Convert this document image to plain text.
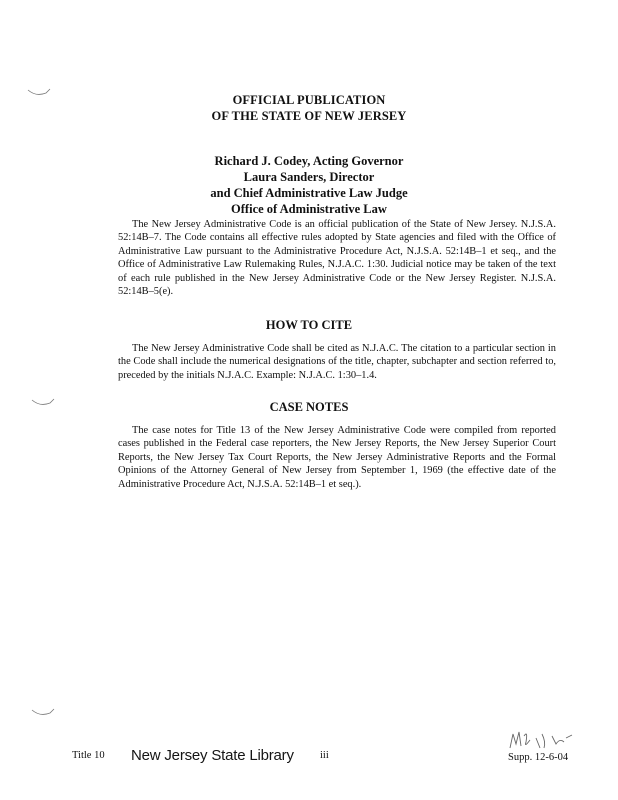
OFFICIAL PUBLICATION
OF THE STATE OF NEW JERSEY
Richard J. Codey, Acting Governor
Laura Sanders, Director
and Chief Administrative Law Judge
Office of Administrative Law
The New Jersey Administrative Code is an official publication of the State of New Jersey. N.J.S.A. 52:14B–7. The Code contains all effective rules adopted by State agencies and filed with the Office of Administrative Law pursuant to the Administrative Procedure Act, N.J.S.A. 52:14B–1 et seq., and the Office of Administrative Law Rulemaking Rules, N.J.A.C. 1:30. Judicial notice may be taken of the text of each rule published in the New Jersey Administrative Code or the New Jersey Register. N.J.S.A. 52:14B–5(e).
HOW TO CITE
The New Jersey Administrative Code shall be cited as N.J.A.C. The citation to a particular section in the Code shall include the numerical designations of the title, chapter, subchapter and section referred to, preceded by the initials N.J.A.C. Example: N.J.A.C. 1:30–1.4.
CASE NOTES
The case notes for Title 13 of the New Jersey Administrative Code were compiled from reported cases published in the Federal case reporters, the New Jersey Reports, the New Jersey Superior Court Reports, the New Jersey Tax Court Reports, the New Jersey Administrative Reports and the Formal Opinions of the Attorney General of New Jersey from September 1, 1969 (the effective date of the Administrative Procedure Act, N.J.S.A. 52:14B–1 et seq.).
Title 10 New Jersey State Library iii	Supp. 12-6-04
